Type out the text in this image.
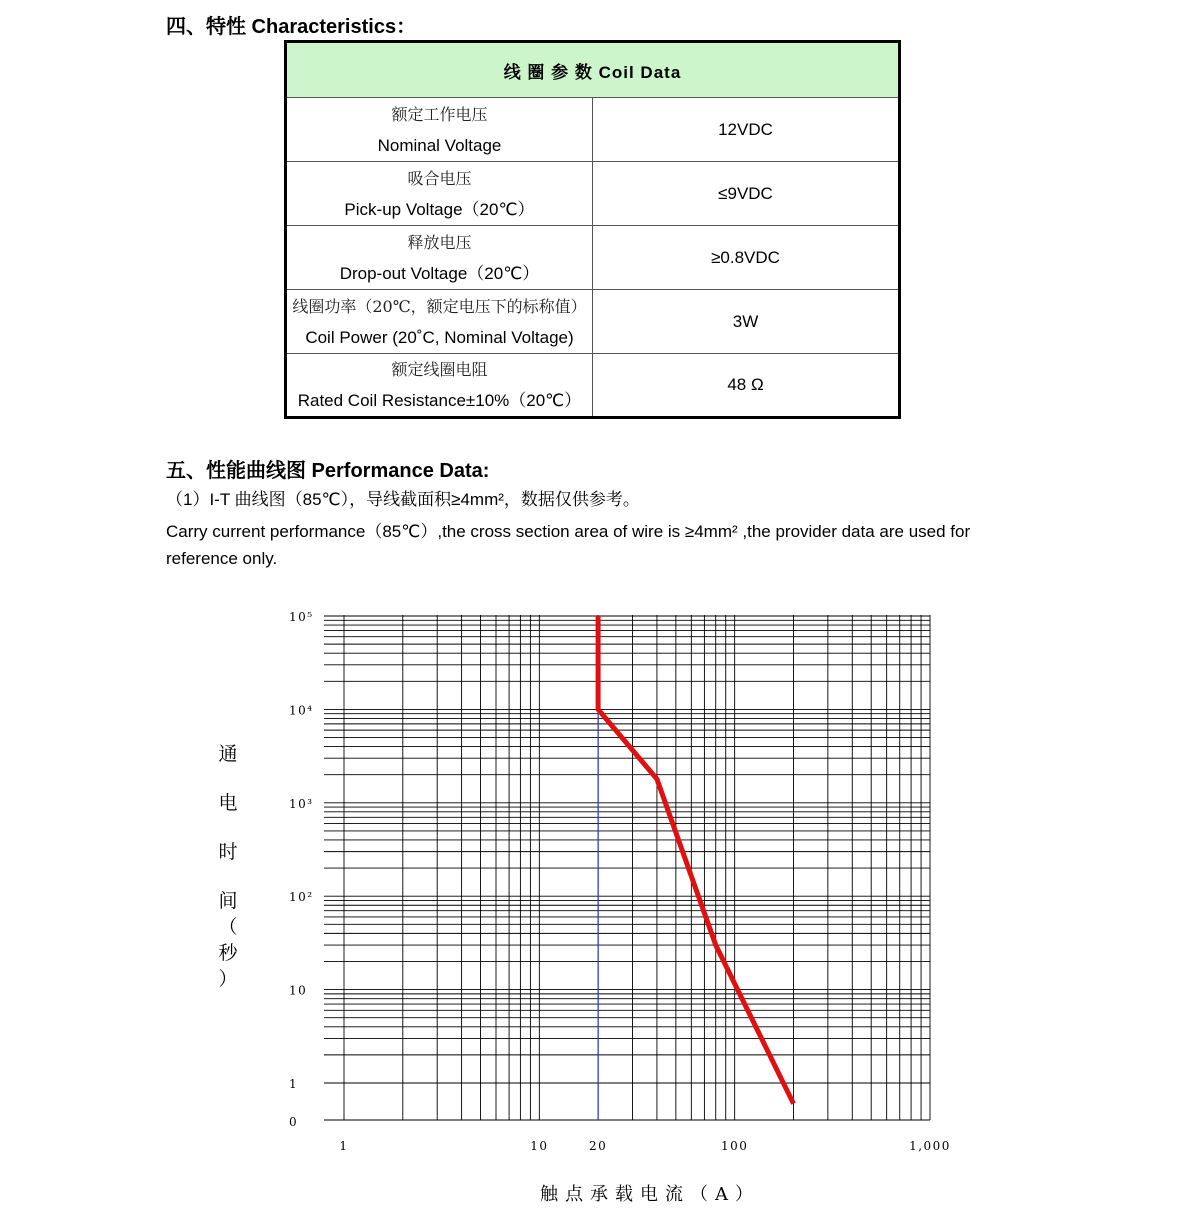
四、特性 Characteristics：
线 圈 参 数 Coil Data	

额定工作电压
Nominal Voltage	12VDC

吸合电压
Pick-up Voltage（20℃）	≤9VDC

释放电压
Drop-out Voltage（20℃）	≥0.8VDC

线圈功率（20℃，额定电压下的标称值）
Coil Power (20˚C, Nominal Voltage)	3W

额定线圈电阻
Rated Coil Resistance±10%（20℃）	48 Ω
五、性能曲线图 Performance Data:
（1）I-T 曲线图（85℃），导线截面积≥4mm²，数据仅供参考。
Carry current performance（85℃）,the cross section area of wire is ≥4mm² ,the provider data are used for
reference only.
10⁵
10⁴
10³
10²
10
1
0
1	10	20	100	1,000
通电时间（秒）
触点承载电流（A）
